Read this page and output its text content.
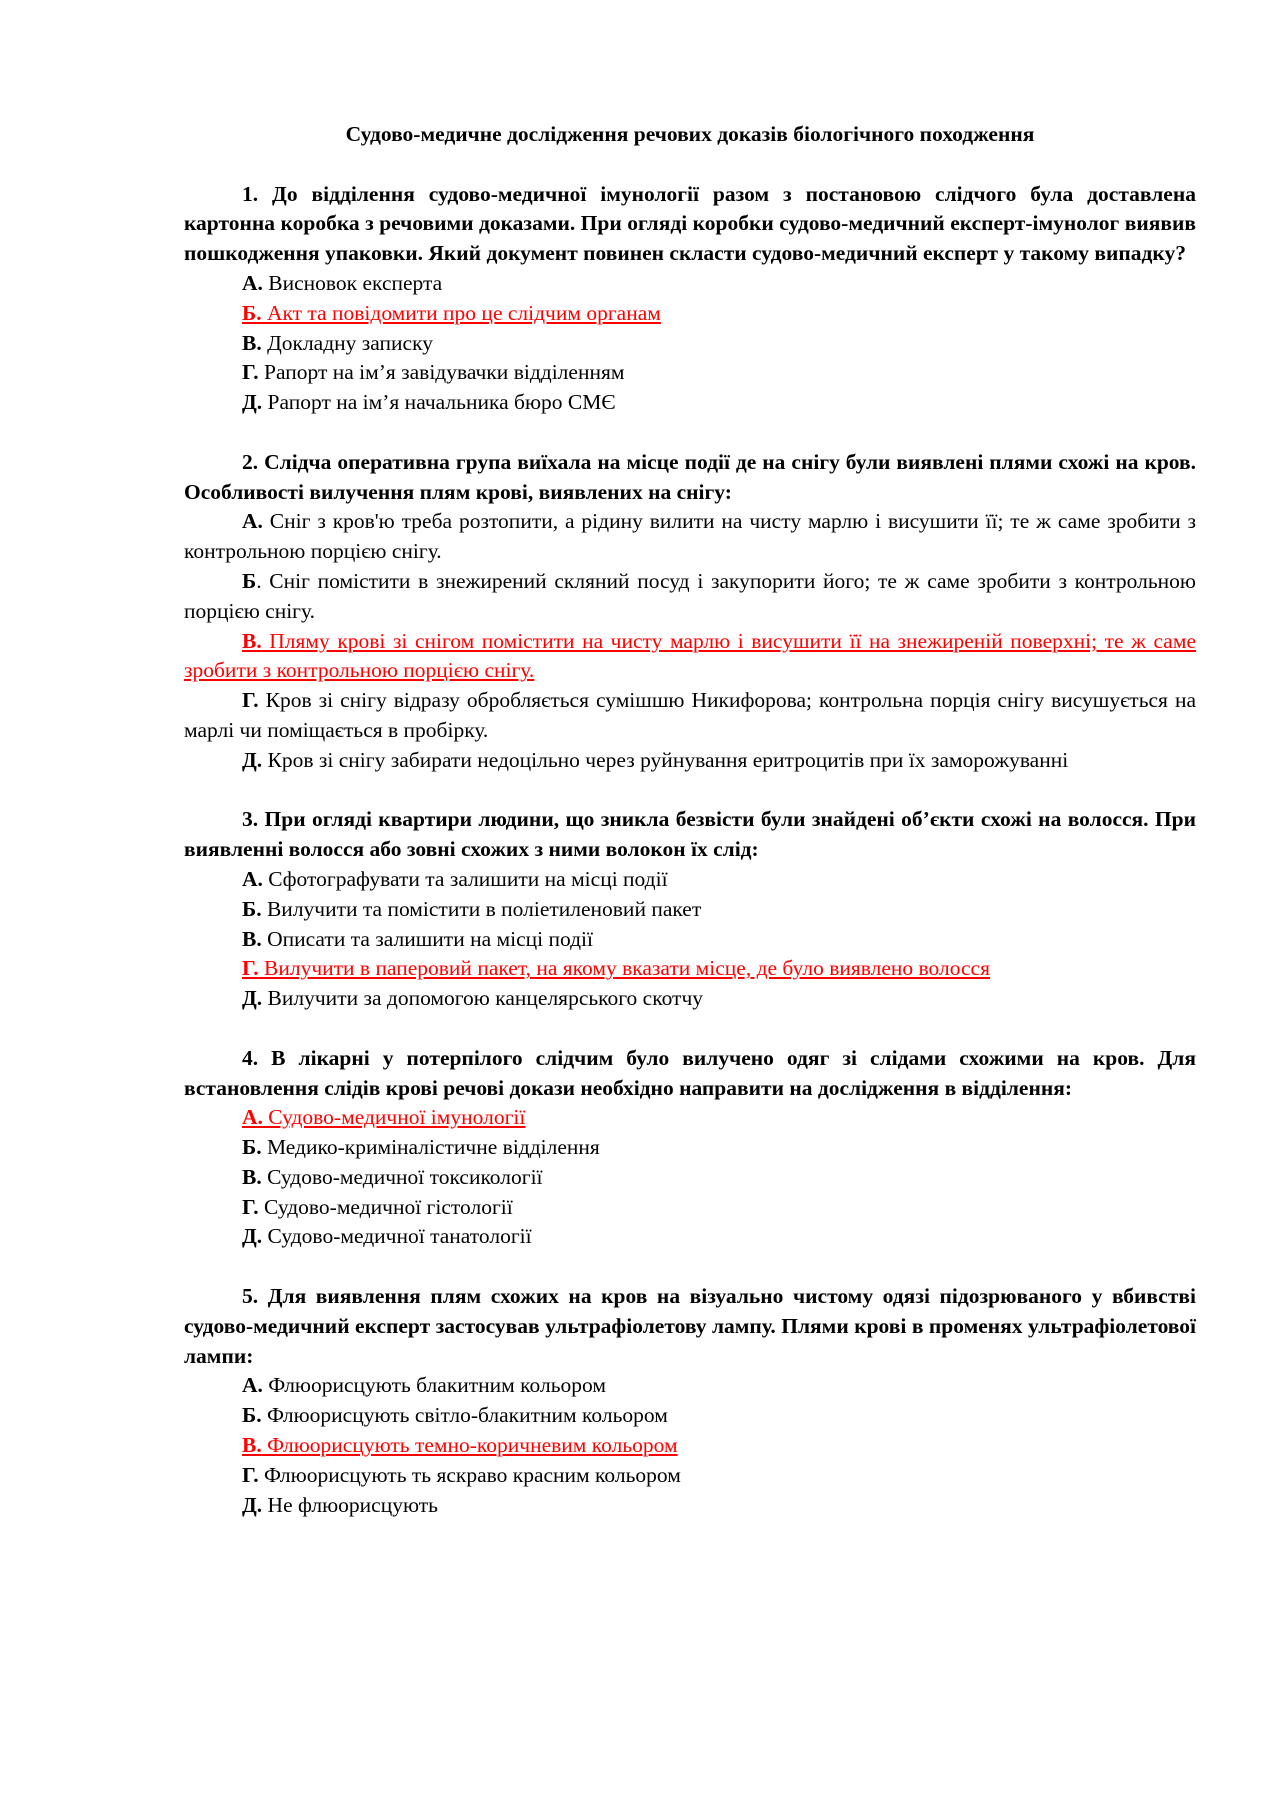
Судово-медичне дослідження речових доказів біологічного походження

1. До відділення судово-медичної імунології разом з постановою слідчого була доставлена картонна коробка з речовими доказами. При огляді коробки судово-медичний експерт-імунолог виявив пошкодження упаковки. Який документ повинен скласти судово-медичний експерт у такому випадку?

А. Висновок експерта

Б. Акт та повідомити про це слідчим органам

В. Докладну записку

Г. Рапорт на ім’я завідувачки відділенням

Д. Рапорт на ім’я начальника бюро СМЄ

2. Слідча оперативна група виїхала на місце події де на снігу були виявлені плями схожі на кров. Особливості вилучення плям крові, виявлених на снігу:

А. Сніг з кров'ю треба розтопити, а рідину вилити на чисту марлю і висушити її; те ж саме зробити з контрольною порцією снігу.

Б. Сніг помістити в знежирений скляний посуд і закупорити його; те ж саме зробити з контрольною порцією снігу.

В. Пляму крові зі снігом помістити на чисту марлю і висушити її на знежиреній поверхні; те ж саме зробити з контрольною порцією снігу.

Г. Кров зі снігу відразу обробляється сумішшю Никифорова; контрольна порція снігу висушується на марлі чи поміщається в пробірку.

Д. Кров зі снігу забирати недоцільно через руйнування еритроцитів при їх заморожуванні

3. При огляді квартири людини, що зникла безвісти були знайдені об’єкти схожі на волосся. При виявленні волосся або зовні схожих з ними волокон їх слід:

А. Сфотографувати та залишити на місці події

Б. Вилучити та помістити в поліетиленовий пакет

В. Описати та залишити на місці події

Г. Вилучити в паперовий пакет, на якому вказати місце, де було виявлено волосся

Д. Вилучити за допомогою канцелярського скотчу

4. В лікарні у потерпілого слідчим було вилучено одяг зі слідами схожими на кров. Для встановлення слідів крові речові докази необхідно направити на дослідження в відділення:

А. Судово-медичної імунології

Б. Медико-криміналістичне відділення

В. Судово-медичної токсикології

Г. Судово-медичної гістології

Д. Судово-медичної танатології

5. Для виявлення плям схожих на кров на візуально чистому одязі підозрюваного у вбивстві судово-медичний експерт застосував ультрафіолетову лампу. Плями крові в променях ультрафіолетової лампи:

А. Флюорисцують блакитним кольором

Б. Флюорисцують світло-блакитним кольором

В. Флюорисцують темно-коричневим кольором

Г. Флюорисцують ть яскраво красним кольором

Д. Не флюорисцують
